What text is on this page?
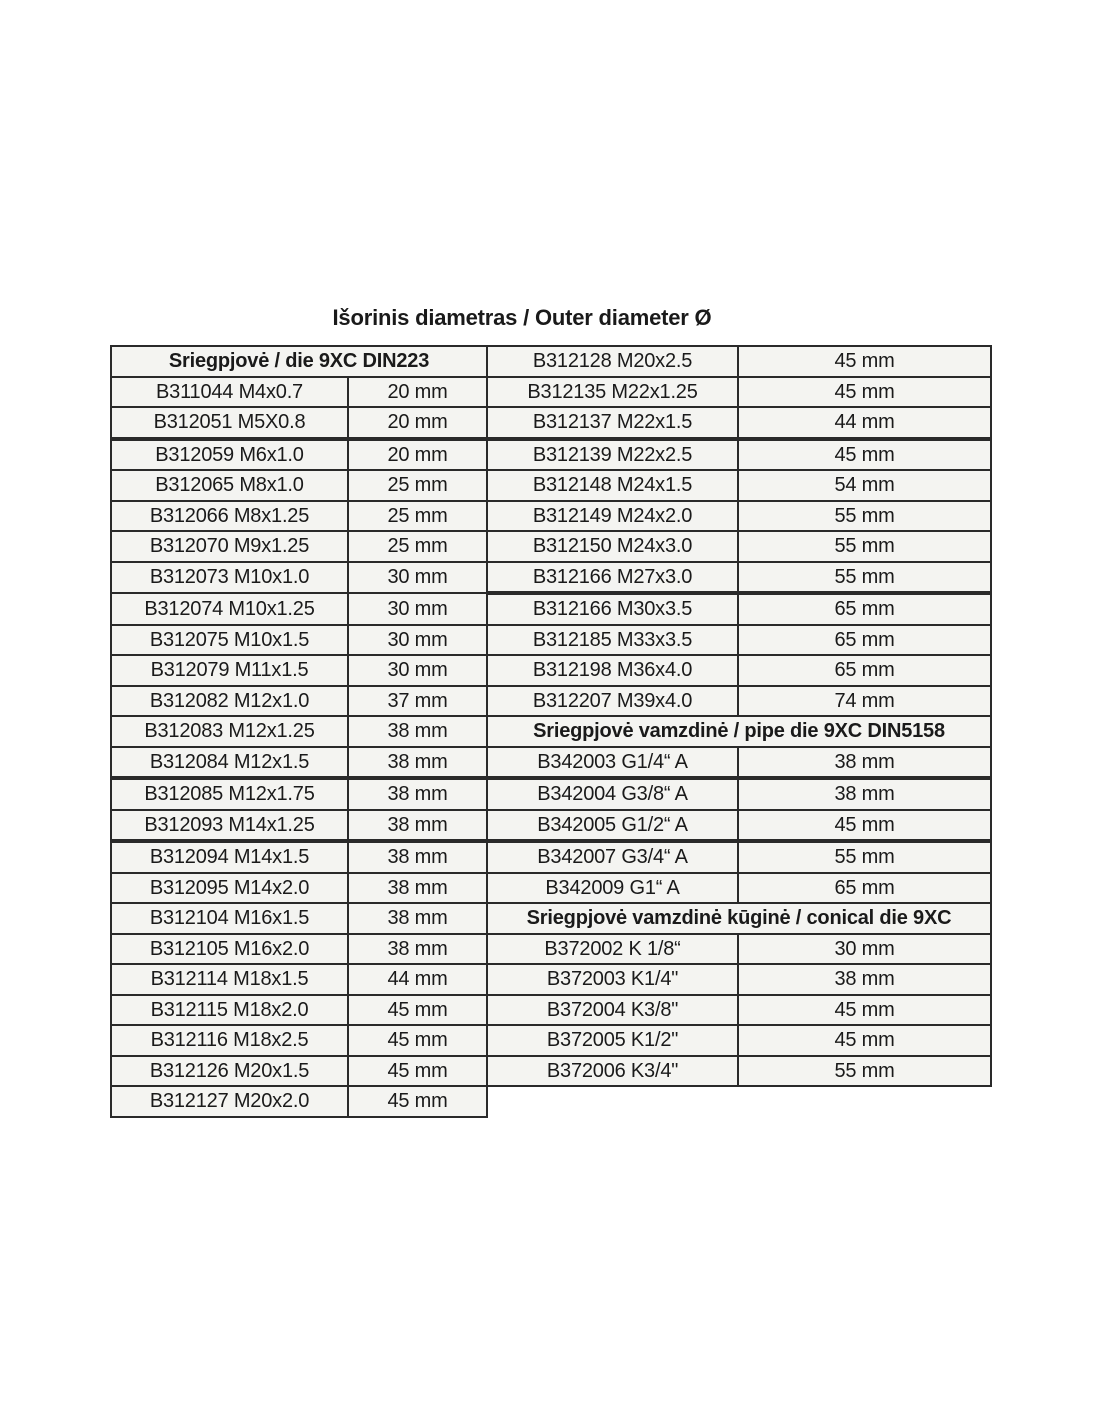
Išorinis diametras / Outer diameter Ø
Sriegpjovė / die 9XC DIN223		B312128 M20x2.5	45 mm
B311044 M4x0.7	20 mm	B312135 M22x1.25	45 mm
B312051 M5X0.8	20 mm	B312137 M22x1.5	44 mm
B312059 M6x1.0	20 mm	B312139 M22x2.5	45 mm
B312065 M8x1.0	25 mm	B312148 M24x1.5	54 mm
B312066 M8x1.25	25 mm	B312149 M24x2.0	55 mm
B312070 M9x1.25	25 mm	B312150 M24x3.0	55 mm
B312073 M10x1.0	30 mm	B312166 M27x3.0	55 mm
B312074 M10x1.25	30 mm	B312166 M30x3.5	65 mm
B312075 M10x1.5	30 mm	B312185 M33x3.5	65 mm
B312079 M11x1.5	30 mm	B312198 M36x4.0	65 mm
B312082 M12x1.0	37 mm	B312207 M39x4.0	74 mm
B312083 M12x1.25	38 mm	Sriegpjovė vamzdinė / pipe die 9XC DIN5158	
B312084 M12x1.5	38 mm	B342003 G1/4“ A	38 mm
B312085 M12x1.75	38 mm	B342004 G3/8“ A	38 mm
B312093 M14x1.25	38 mm	B342005 G1/2“ A	45 mm
B312094 M14x1.5	38 mm	B342007 G3/4“ A	55 mm
B312095 M14x2.0	38 mm	B342009 G1“ A	65 mm
B312104 M16x1.5	38 mm	Sriegpjovė vamzdinė kūginė / conical die 9XC	
B312105 M16x2.0	38 mm	B372002 K 1/8“	30 mm
B312114 M18x1.5	44 mm	B372003 K1/4"	38 mm
B312115 M18x2.0	45 mm	B372004 K3/8"	45 mm
B312116 M18x2.5	45 mm	B372005 K1/2"	45 mm
B312126 M20x1.5	45 mm	B372006 K3/4"	55 mm
B312127 M20x2.0	45 mm		
